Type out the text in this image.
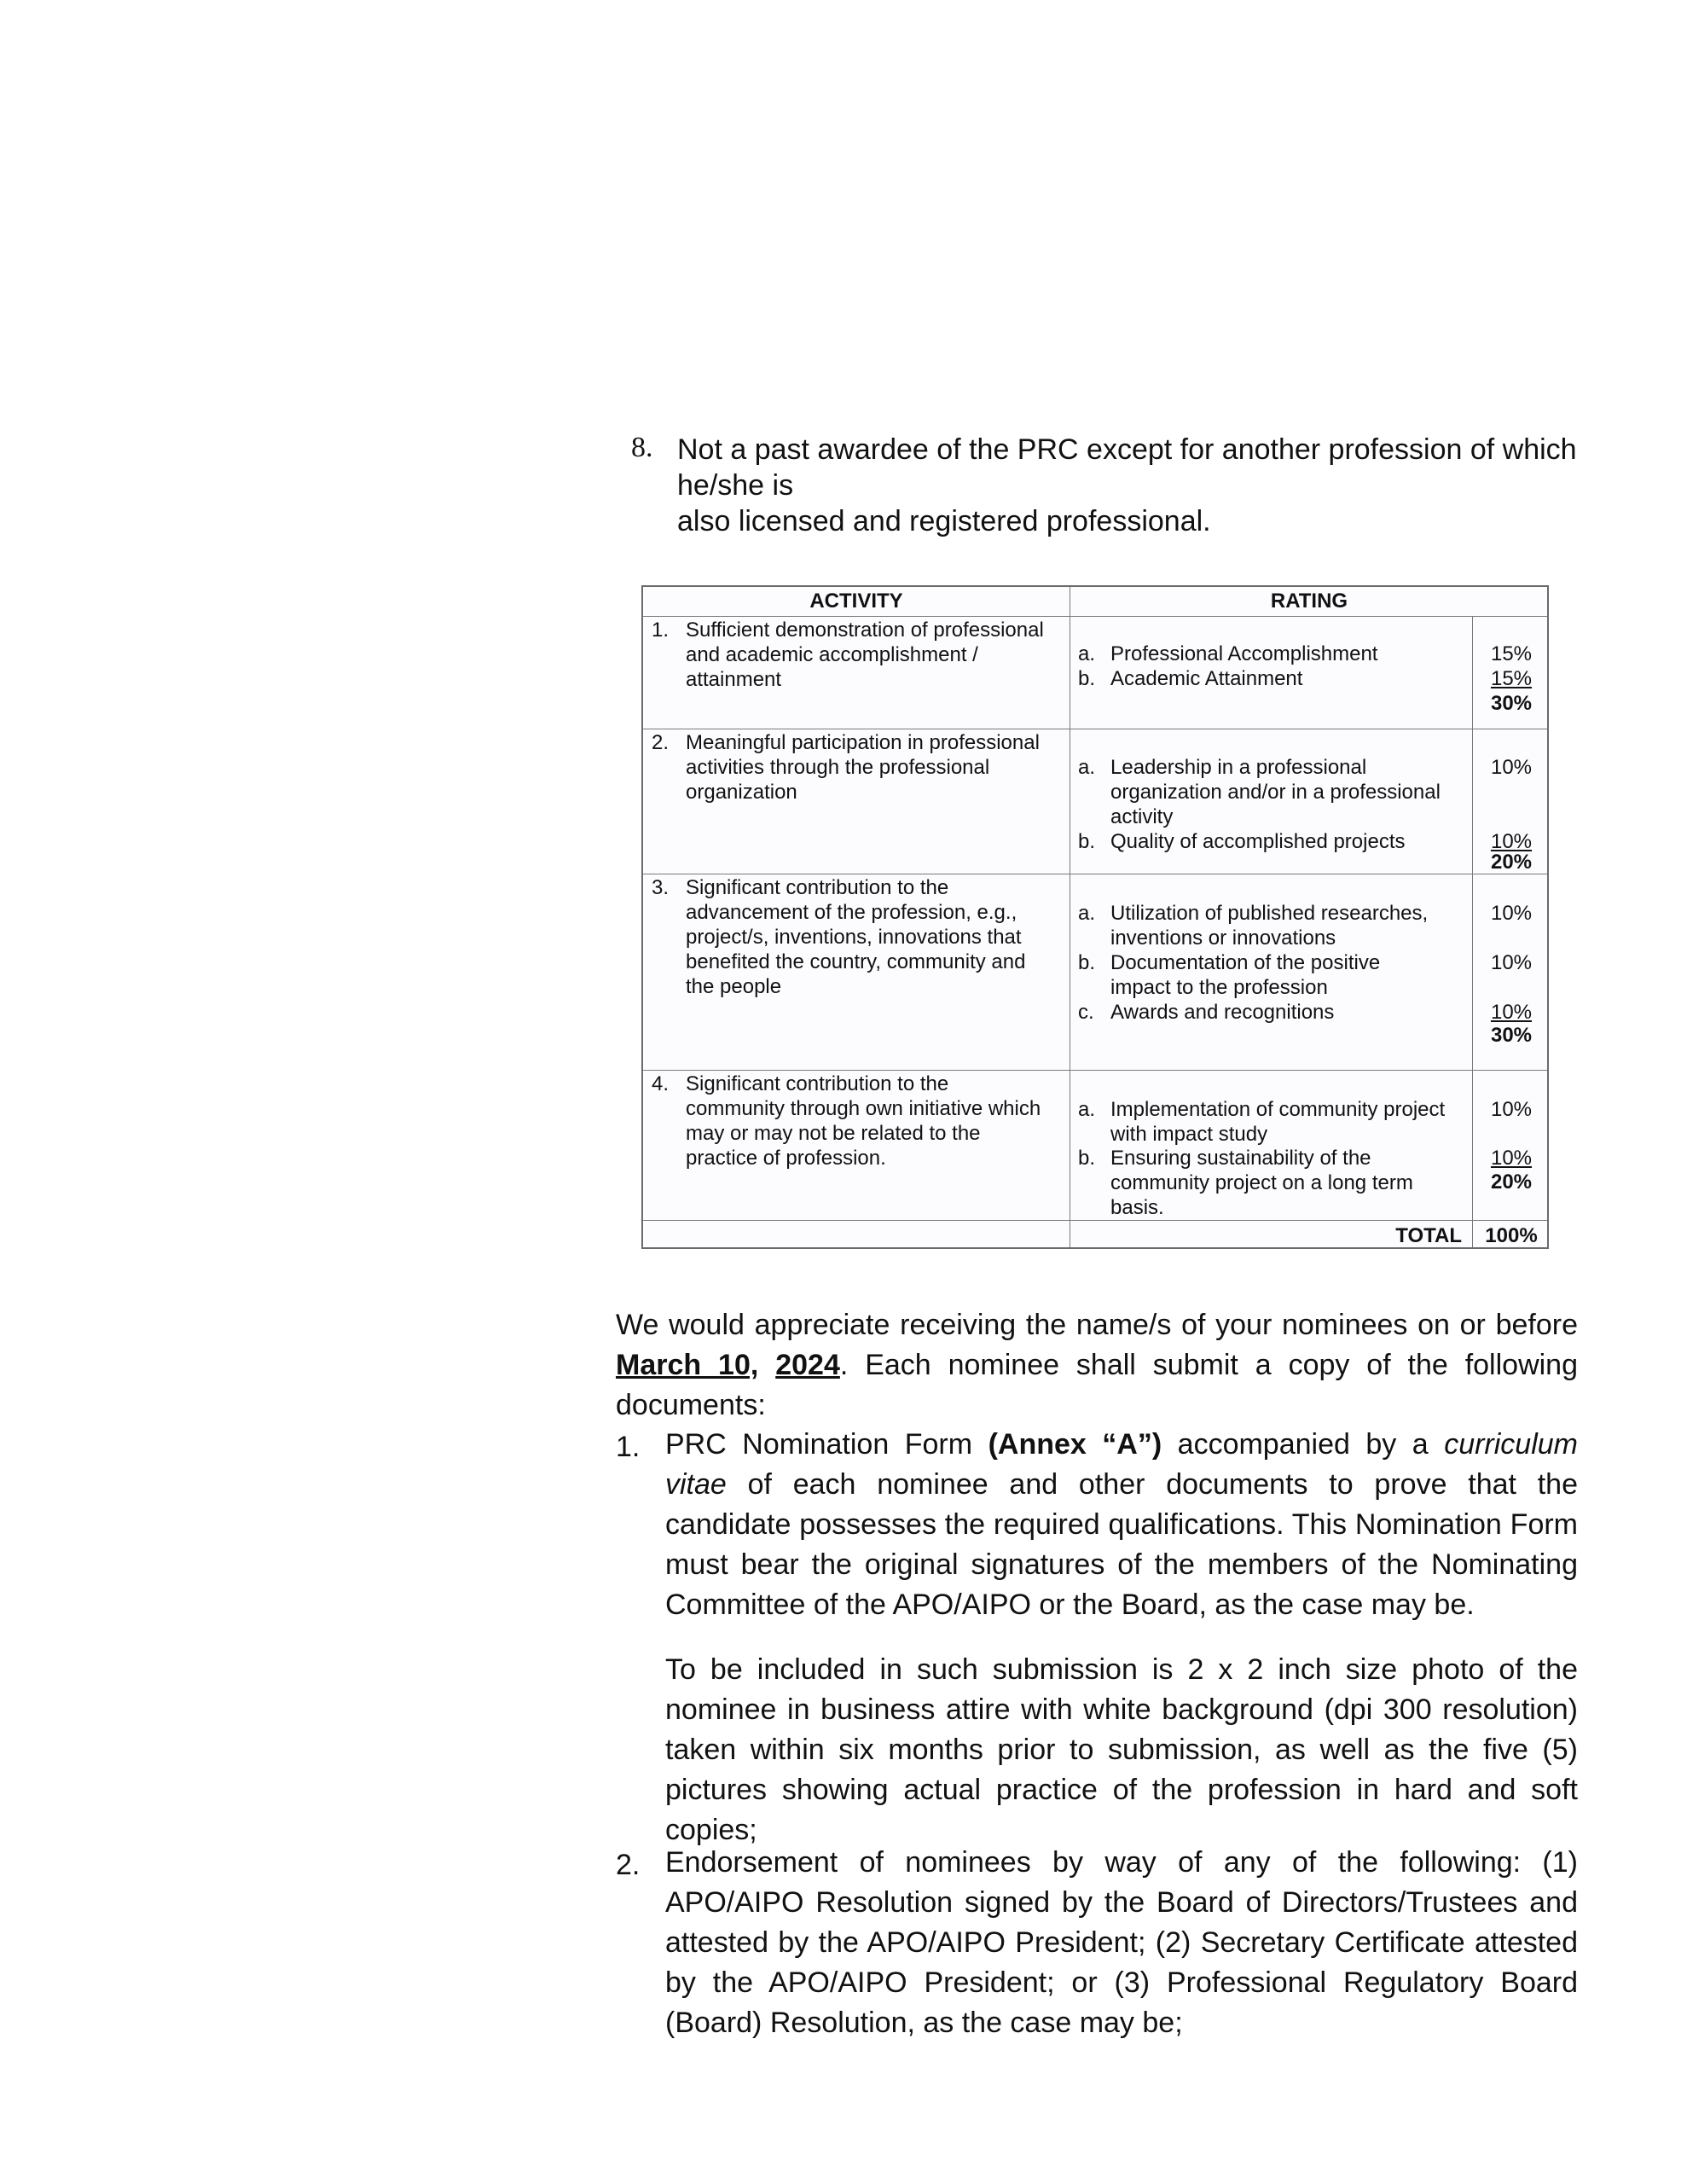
8. Not a past awardee of the PRC except for another profession of which he/she is
also licensed and registered professional.
ACTIVITY	RATING
1. Sufficient demonstration of professional
and academic accomplishment /
attainment
a. Professional Accomplishment
b. Academic Attainment
15%
15%
30%
2. Meaningful participation in professional
activities through the professional
organization
a. Leadership in a professional
organization and/or in a professional
activity
b. Quality of accomplished projects
10%
10%
20%
3. Significant contribution to the
advancement of the profession, e.g.,
project/s, inventions, innovations that
benefited the country, community and
the people
a. Utilization of published researches,
inventions or innovations
b. Documentation of the positive
impact to the profession
c. Awards and recognitions
10%
10%
10%
30%
4. Significant contribution to the
community through own initiative which
may or may not be related to the
practice of profession.
a. Implementation of community project
with impact study
b. Ensuring sustainability of the
community project on a long term
basis.
10%
10%
20%
TOTAL 100%
We would appreciate receiving the name/s of your nominees on or before March 10, 2024. Each nominee shall submit a copy of the following documents:
1. PRC Nomination Form (Annex “A”) accompanied by a curriculum vitae of each nominee and other documents to prove that the candidate possesses the required qualifications. This Nomination Form must bear the original signatures of the members of the Nominating Committee of the APO/AIPO or the Board, as the case may be.
To be included in such submission is 2 x 2 inch size photo of the nominee in business attire with white background (dpi 300 resolution) taken within six months prior to submission, as well as the five (5) pictures showing actual practice of the profession in hard and soft copies;
2. Endorsement of nominees by way of any of the following: (1) APO/AIPO Resolution signed by the Board of Directors/Trustees and attested by the APO/AIPO President; (2) Secretary Certificate attested by the APO/AIPO President; or (3) Professional Regulatory Board (Board) Resolution, as the case may be;
